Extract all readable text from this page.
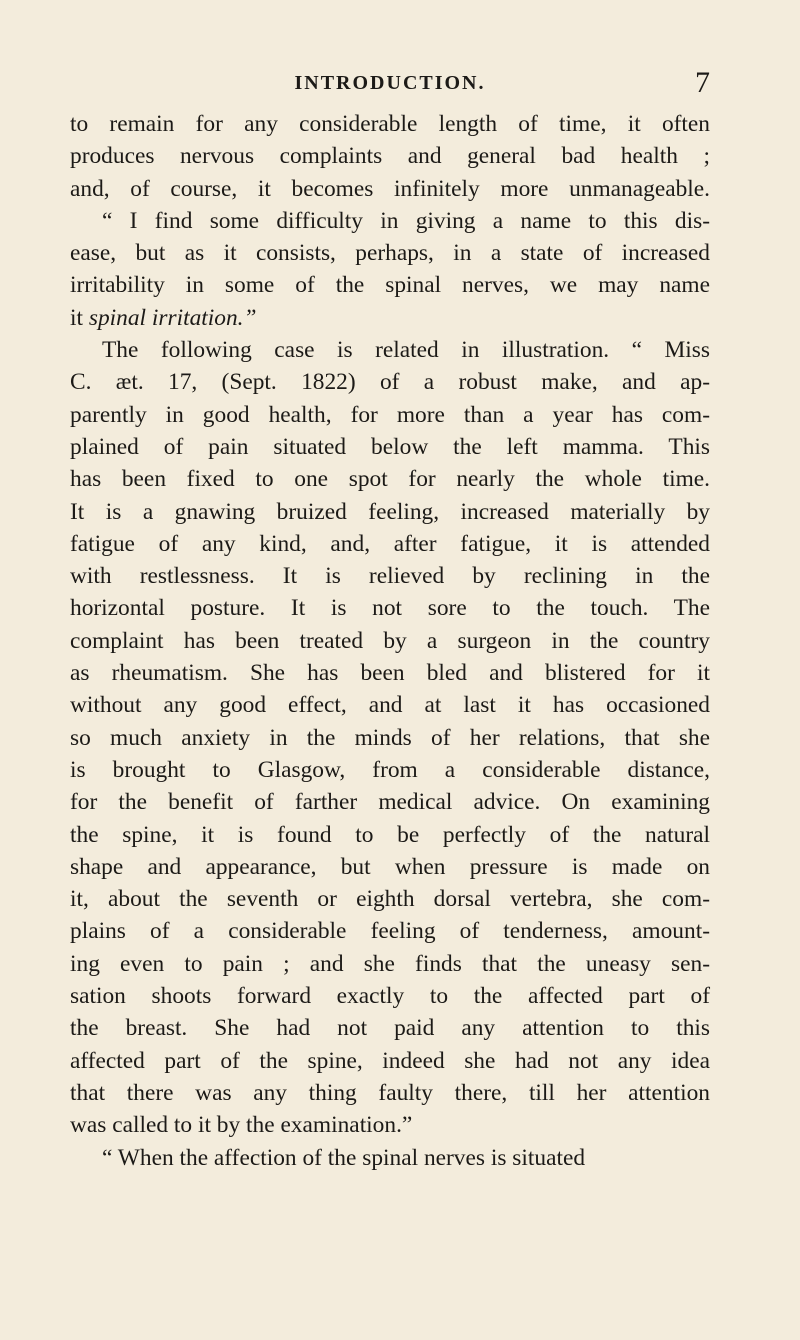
INTRODUCTION.	7
to remain for any considerable length of time, it often
produces nervous complaints and general bad health ;
and, of course, it becomes infinitely more unmanageable.
“ I find some difficulty in giving a name to this dis-
ease, but as it consists, perhaps, in a state of increased
irritability in some of the spinal nerves, we may name
it spinal irritation.”
The following case is related in illustration. “ Miss
C. æt. 17, (Sept. 1822) of a robust make, and ap-
parently in good health, for more than a year has com-
plained of pain situated below the left mamma. This
has been fixed to one spot for nearly the whole time.
It is a gnawing bruized feeling, increased materially by
fatigue of any kind, and, after fatigue, it is attended
with restlessness. It is relieved by reclining in the
horizontal posture. It is not sore to the touch. The
complaint has been treated by a surgeon in the country
as rheumatism. She has been bled and blistered for it
without any good effect, and at last it has occasioned
so much anxiety in the minds of her relations, that she
is brought to Glasgow, from a considerable distance,
for the benefit of farther medical advice. On examining
the spine, it is found to be perfectly of the natural
shape and appearance, but when pressure is made on
it, about the seventh or eighth dorsal vertebra, she com-
plains of a considerable feeling of tenderness, amount-
ing even to pain ; and she finds that the uneasy sen-
sation shoots forward exactly to the affected part of
the breast. She had not paid any attention to this
affected part of the spine, indeed she had not any idea
that there was any thing faulty there, till her attention
was called to it by the examination.”
“ When the affection of the spinal nerves is situated
